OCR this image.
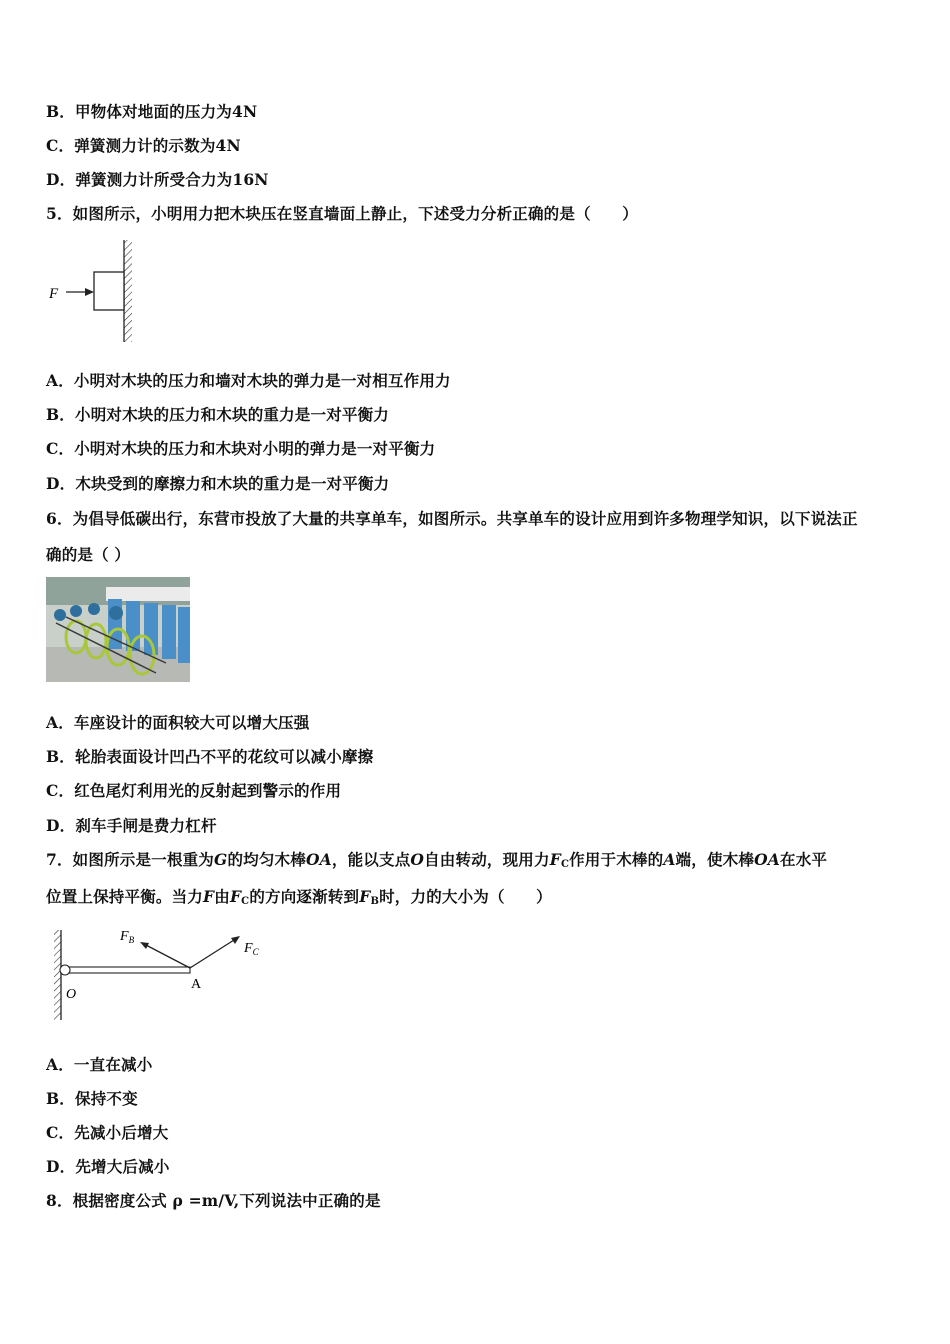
B．甲物体对地面的压力为4N
C．弹簧测力计的示数为4N
D．弹簧测力计所受合力为16N
5．如图所示，小明用力把木块压在竖直墙面上静止，下述受力分析正确的是（　　）
F
A．小明对木块的压力和墙对木块的弹力是一对相互作用力
B．小明对木块的压力和木块的重力是一对平衡力
C．小明对木块的压力和木块对小明的弹力是一对平衡力
D．木块受到的摩擦力和木块的重力是一对平衡力
6．为倡导低碳出行，东营市投放了大量的共享单车，如图所示。共享单车的设计应用到许多物理学知识，以下说法正
确的是（ ）
A．车座设计的面积较大可以增大压强
B．轮胎表面设计凹凸不平的花纹可以减小摩擦
C．红色尾灯利用光的反射起到警示的作用
D．刹车手闸是费力杠杆
7．如图所示是一根重为G的均匀木棒OA，能以支点O自由转动，现用力$F_C$作用于木棒的A端，使木棒OA在水平
位置上保持平衡。当力F由$F_C$的方向逐渐转到$F_B$时，力的大小为（　　）
$F_B$
$F_C$
O
A
A．一直在减小
B．保持不变
C．先减小后增大
D．先增大后减小
8．根据密度公式 ρ =m/V,下列说法中正确的是
